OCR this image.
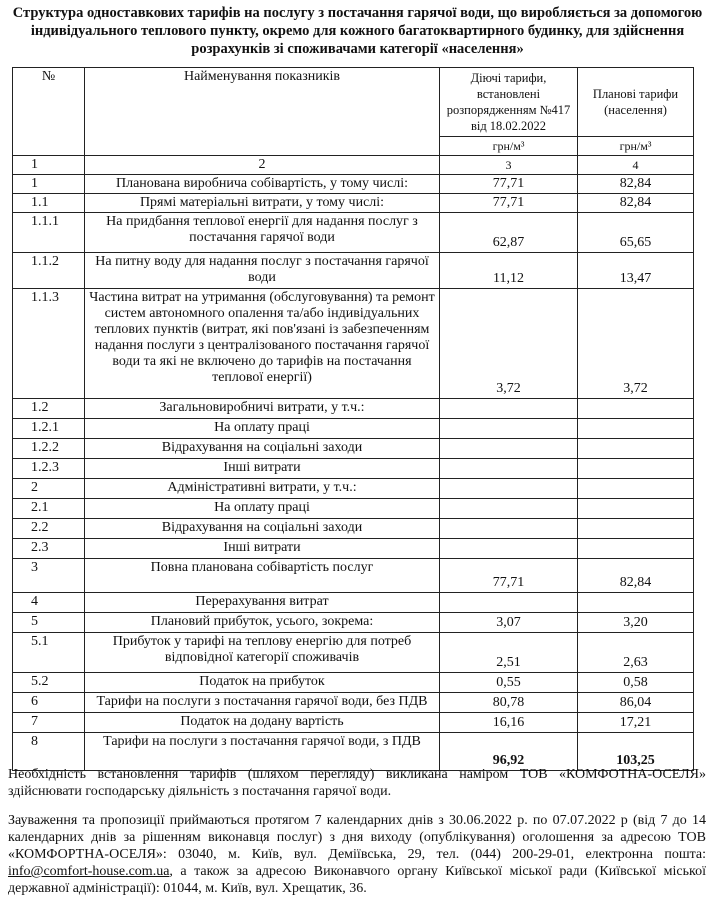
Структура одноставкових тарифів на послугу з постачання гарячої води, що виробляється за допомогою індивідуального теплового пункту, окремо для кожного багатоквартирного будинку, для здійснення розрахунків зі споживачами категорії «населення»
№	Найменування показників	Діючі тарифи, встановлені розпорядженням №417 від 18.02.2022	Планові тарифи (населення)
		грн/м³	грн/м³
1	2	3	4
1	Планована виробнича собівартість, у тому числі:	77,71	82,84
1.1	Прямі матеріальні витрати, у тому числі:	77,71	82,84
1.1.1	На придбання теплової енергії для надання послуг з постачання гарячої води	62,87	65,65
1.1.2	На питну воду для надання послуг з постачання гарячої води	11,12	13,47
1.1.3	Частина витрат на утримання (обслуговування) та ремонт систем автономного опалення та/або індивідуальних теплових пунктів (витрат, які пов'язані із забезпеченням надання послуги з централізованого постачання гарячої води та які не включено до тарифів на постачання теплової енергії)	3,72	3,72
1.2	Загальновиробничі витрати, у т.ч.:		
1.2.1	На оплату праці		
1.2.2	Відрахування на соціальні заходи		
1.2.3	Інші витрати		
2	Адміністративні витрати, у т.ч.:		
2.1	На оплату праці		
2.2	Відрахування на соціальні заходи		
2.3	Інші витрати		
3	Повна планована собівартість послуг	77,71	82,84
4	Перерахування витрат		
5	Плановий прибуток, усього, зокрема:	3,07	3,20
5.1	Прибуток у тарифі на теплову енергію для потреб відповідної категорії споживачів	2,51	2,63
5.2	Податок на прибуток	0,55	0,58
6	Тарифи на послуги з постачання гарячої води, без ПДВ	80,78	86,04
7	Податок на додану вартість	16,16	17,21
8	Тарифи на послуги з постачання гарячої води, з ПДВ	96,92	103,25
Необхідність встановлення тарифів (шляхом перегляду) викликана наміром ТОВ «КОМФОТНА-ОСЕЛЯ» здійснювати господарську діяльність з постачання гарячої води.
Зауваження та пропозиції приймаються протягом 7 календарних днів з 30.06.2022 р. по 07.07.2022 р (від 7 до 14 календарних днів за рішенням виконавця послуг) з дня виходу (опублікування) оголошення за адресою ТОВ «КОМФОРТНА-ОСЕЛЯ»: 03040, м. Київ, вул. Деміївська, 29, тел. (044) 200-29-01, електронна пошта: info@comfort-house.com.ua, а також за адресою Виконавчого органу Київської міської ради (Київської міської державної адміністрації): 01044, м. Київ, вул. Хрещатик, 36.
